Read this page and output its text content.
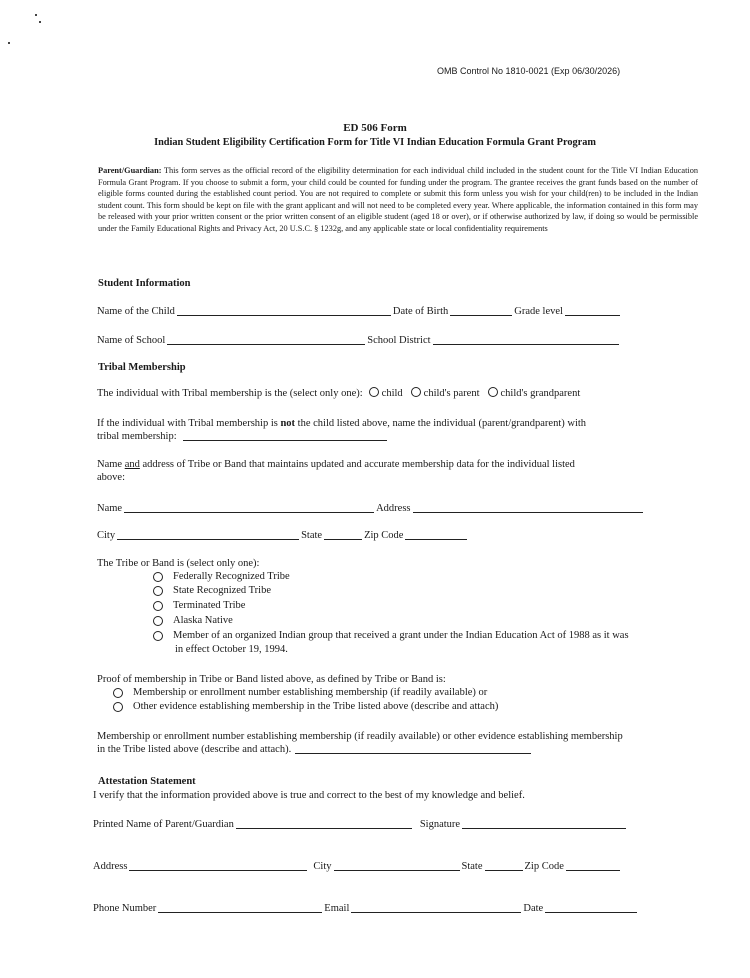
OMB Control No 1810-0021 (Exp 06/30/2026)
ED 506 Form
Indian Student Eligibility Certification Form for Title VI Indian Education Formula Grant Program
Parent/Guardian: This form serves as the official record of the eligibility determination for each individual child included in the student count for the Title VI Indian Education Formula Grant Program. If you choose to submit a form, your child could be counted for funding under the program. The grantee receives the grant funds based on the number of eligible forms counted during the established count period. You are not required to complete or submit this form unless you wish for your child(ren) to be included in the Indian student count. This form should be kept on file with the grant applicant and will not need to be completed every year. Where applicable, the information contained in this form may be released with your prior written consent or the prior written consent of an eligible student (aged 18 or over), or if otherwise authorized by law, if doing so would be permissible under the Family Educational Rights and Privacy Act, 20 U.S.C. § 1232g, and any applicable state or local confidentiality requirements
Student Information
Name of the Child	Date of Birth	Grade level
Name of School	School District
Tribal Membership
The individual with Tribal membership is the (select only one):	child	child's parent	child's grandparent
If the individual with Tribal membership is not the child listed above, name the individual (parent/grandparent) with
tribal membership:
Name and address of Tribe or Band that maintains updated and accurate membership data for the individual listed
above:
Name	Address
City	State	Zip Code
The Tribe or Band is (select only one):
Federally Recognized Tribe
State Recognized Tribe
Terminated Tribe
Alaska Native
Member of an organized Indian group that received a grant under the Indian Education Act of 1988 as it was
in effect October 19, 1994.
Proof of membership in Tribe or Band listed above, as defined by Tribe or Band is:
Membership or enrollment number establishing membership (if readily available) or
Other evidence establishing membership in the Tribe listed above (describe and attach)
Membership or enrollment number establishing membership (if readily available) or other evidence establishing membership
in the Tribe listed above (describe and attach).
Attestation Statement
I verify that the information provided above is true and correct to the best of my knowledge and belief.
Printed Name of Parent/Guardian	Signature
Address	City	State	Zip Code
Phone Number	Email	Date
